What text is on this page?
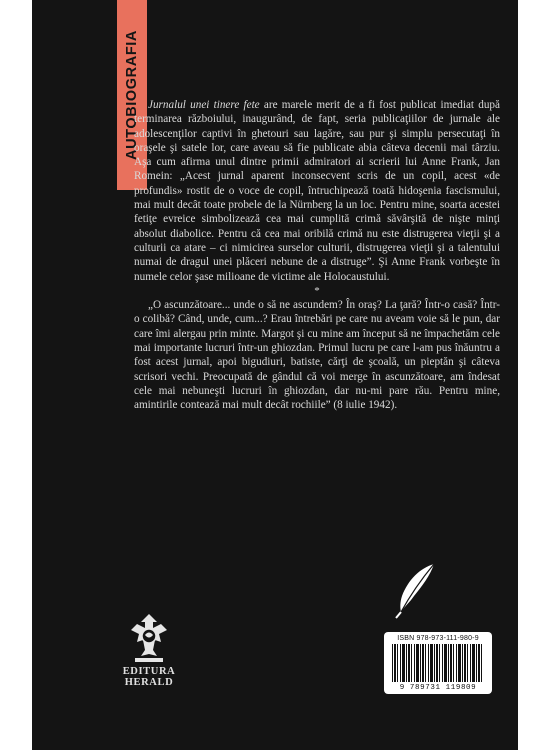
AUTOBIOGRAFIA Jurnalul unei tinere fete are marele merit de a fi fost publicat imediat după terminarea războiului, inaugurând, de fapt, seria publicaţiilor de jurnale ale adolescenţilor captivi în ghetouri sau lagăre, sau pur şi simplu persecutaţi în oraşele şi satele lor, care aveau să fie publicate abia câteva decenii mai târziu. Aşa cum afirma unul dintre primii admiratori ai scrierii lui Anne Frank, Jan Romein: „Acest jurnal aparent inconsecvent scris de un copil, acest «de profundis» rostit de o voce de copil, întruchipează toată hidoşenia fascismului, mai mult decât toate probele de la Nürnberg la un loc. Pentru mine, soarta acestei fetiţe evreice simbolizează cea mai cumplită crimă săvârşită de nişte minţi absolut diabolice. Pentru că cea mai oribilă crimă nu este distrugerea vieţii şi a culturii ca atare – ci nimicirea surselor culturii, distrugerea vieţii şi a talentului numai de dragul unei plăceri nebune de a distruge”. Şi Anne Frank vorbeşte în numele celor şase milioane de victime ale Holocaustului.

*

„O ascunzătoare... unde o să ne ascundem? În oraş? La ţară? Într-o casă? Într-o colibă? Când, unde, cum...? Erau întrebări pe care nu aveam voie să le pun, dar care îmi alergau prin minte. Margot şi cu mine am început să ne împachetăm cele mai importante lucruri într-un ghiozdan. Primul lucru pe care l-am pus înăuntru a fost acest jurnal, apoi bigudiuri, batiste, cărţi de şcoală, un pieptăn şi câteva scrisori vechi. Preocupată de gândul că voi merge în ascunzătoare, am îndesat cele mai nebuneşti lucruri în ghiozdan, dar nu-mi pare rău. Pentru mine, amintirile contează mai mult decât rochiile” (8 iulie 1942).

EDITURA
HERALD
ISBN 978-973-111-980-9
9 789731 119809
